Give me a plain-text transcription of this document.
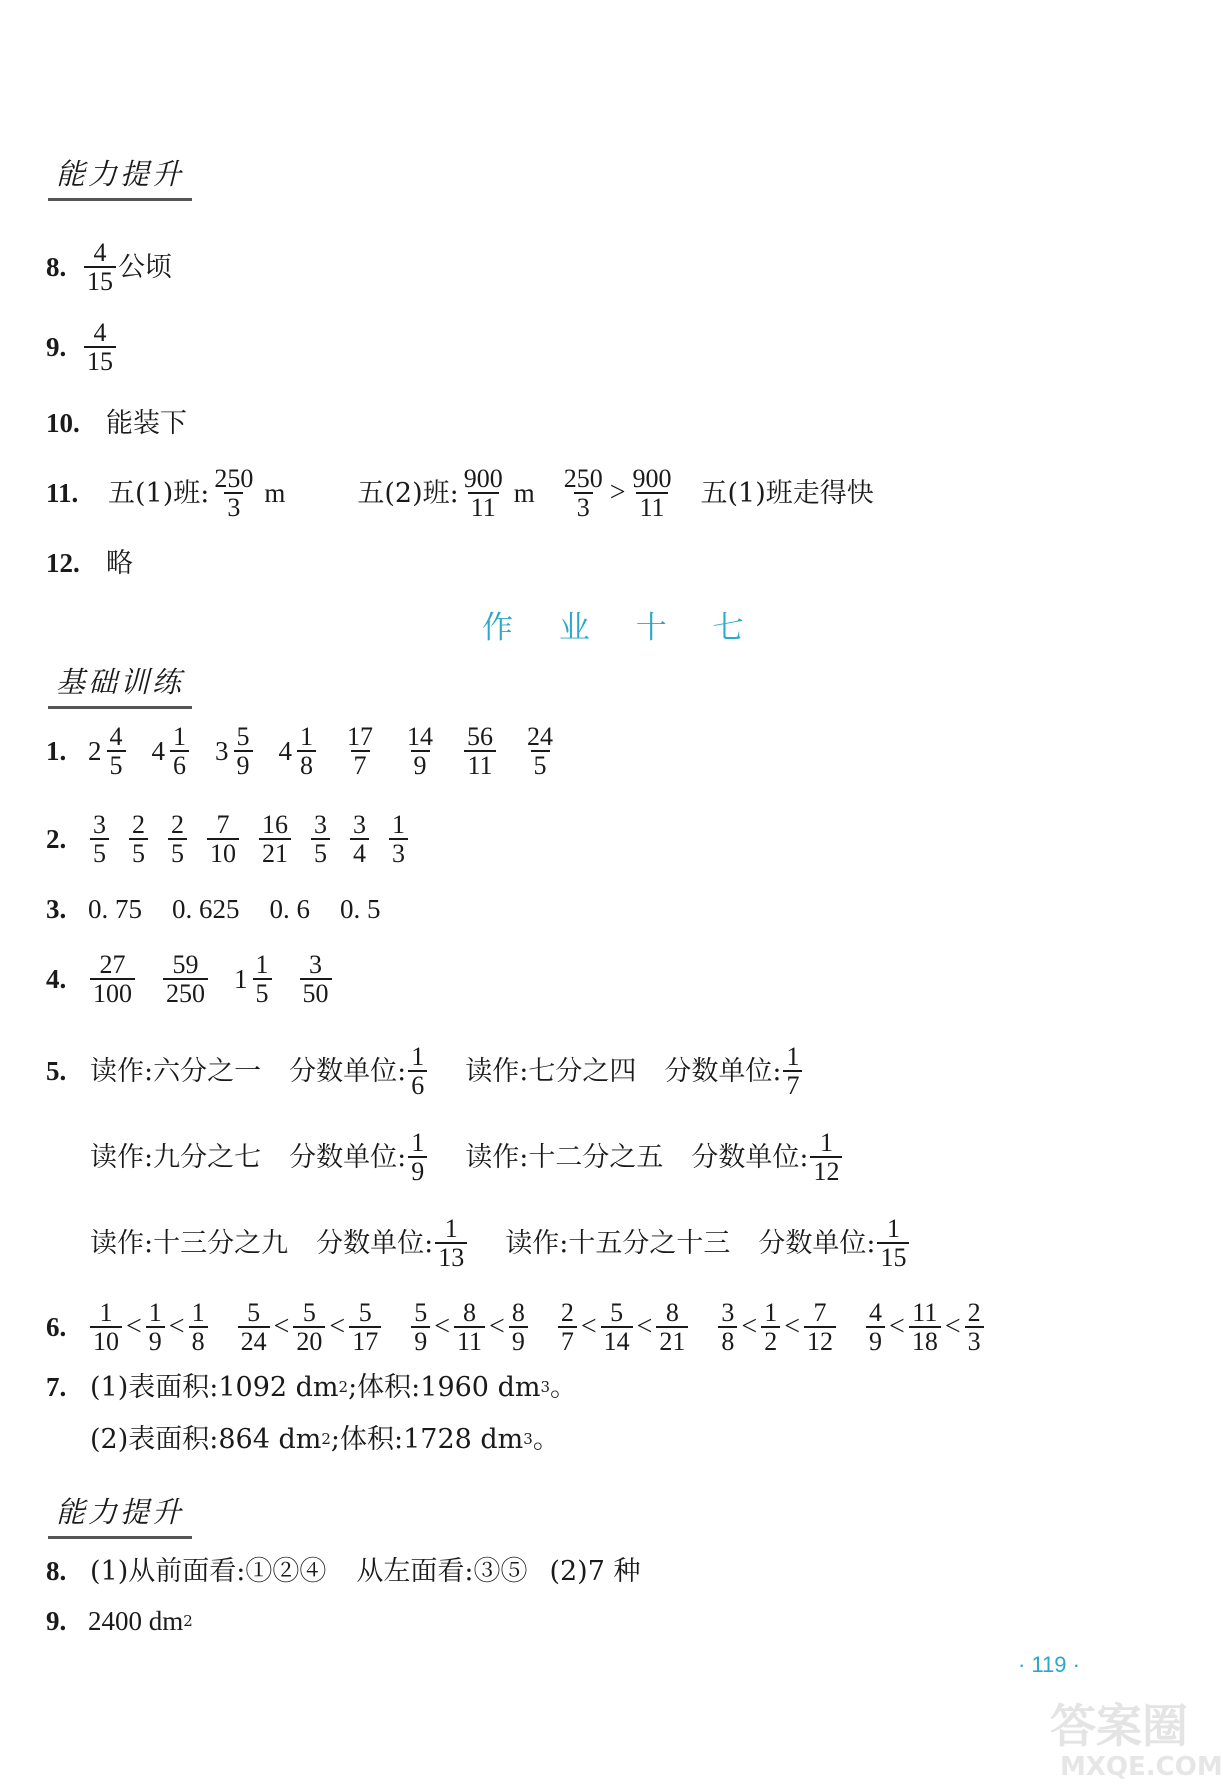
能力提升
8. $\frac{4}{15}$ 公顷
9. $\frac{4}{15}$
10. 能装下
11.	五(1)班: $\frac{250}{3}$ m	五(2)班: $\frac{900}{11}$ m $\frac{250}{3} > \frac{900}{11}$ 五(1)班走得快
12. 略
作 业 十 七
基础训练
1. $2 \frac{4}{5} 4 \frac{1}{6} 3 \frac{5}{9} 4 \frac{1}{8} \frac{17}{7} \frac{14}{9} \frac{56}{11} \frac{24}{5}$
2. $\frac{3}{5} \frac{2}{5} \frac{2}{5} \frac{7}{10} \frac{16}{21} \frac{3}{5} \frac{3}{4} \frac{1}{3}$
3. 0. 75 0. 625 0. 6 0. 5
4. $\frac{27}{100} \frac{59}{250} 1 \frac{1}{5} \frac{3}{50}$
5. 读作: 六分之一 分数单位: $\frac{1}{6}$ 读作: 七分之四 分数单位: $\frac{1}{7}$
读作: 九分之七 分数单位: $\frac{1}{9}$ 读作: 十二分之五 分数单位: $\frac{1}{12}$
读作: 十三分之九 分数单位: $\frac{1}{13}$ 读作: 十五分之十三 分数单位: $\frac{1}{15}$
6. $\frac{1}{10} < \frac{1}{9} < \frac{1}{8} \frac{5}{24} < \frac{5}{20} < \frac{5}{17} \frac{5}{9} < \frac{8}{11} < \frac{8}{9} \frac{2}{7} < \frac{5}{14} < \frac{8}{21} \frac{3}{8} < \frac{1}{2} < \frac{7}{12} \frac{4}{9} < \frac{11}{18} < \frac{2}{3}$
7. (1)表面积:1092 dm 2 ;体积:1960 dm 3 。
(2)表面积:864 dm 2 ;体积:1728 dm 3 。
能力提升
8. (1)从前面看:①②④ 从左面看:③⑤ (2)7 种
9. 2400 dm 2
· 119 ·
答案圈
MXQE.COM
